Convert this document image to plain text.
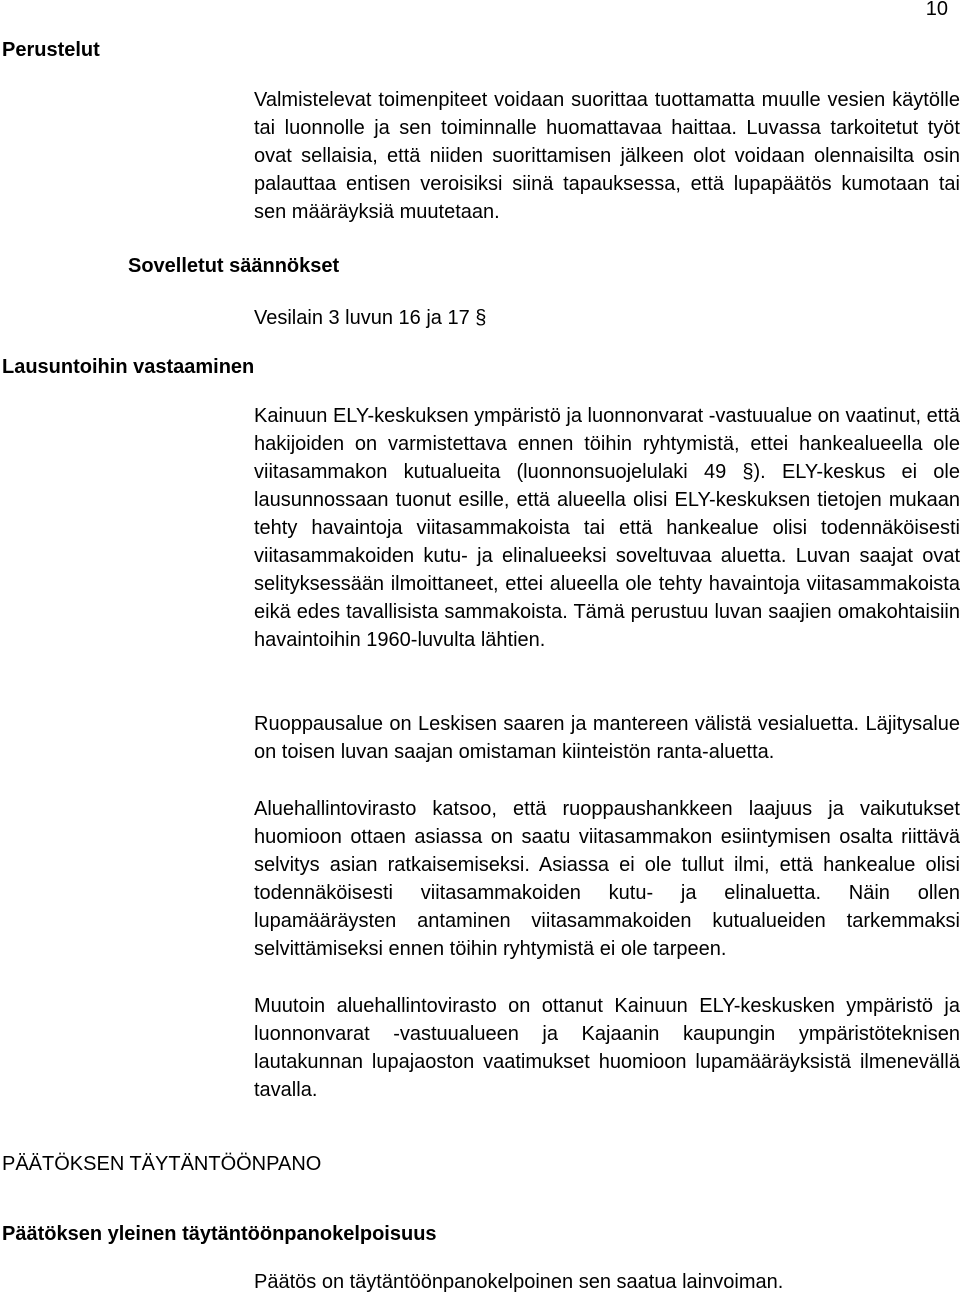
10
Perustelut
Valmistelevat toimenpiteet voidaan suorittaa tuottamatta muulle vesien käytölle tai luonnolle ja sen toiminnalle huomattavaa haittaa. Luvassa tarkoitetut työt ovat sellaisia, että niiden suorittamisen jälkeen olot voidaan olennaisilta osin palauttaa entisen veroisiksi siinä tapauksessa, että lupapäätös kumotaan tai sen määräyksiä muutetaan.
Sovelletut säännökset
Vesilain 3 luvun 16 ja 17 §
Lausuntoihin vastaaminen
Kainuun ELY-keskuksen ympäristö ja luonnonvarat -vastuualue on vaatinut, että hakijoiden on varmistettava ennen töihin ryhtymistä, ettei hankealueella ole viitasammakon kutualueita (luonnonsuojelulaki 49 §). ELY-keskus ei ole lausunnossaan tuonut esille, että alueella olisi ELY-keskuksen tietojen mukaan tehty havaintoja viitasammakoista tai että hankealue olisi todennäköisesti viitasammakoiden kutu- ja elinalueeksi soveltuvaa aluetta. Luvan saajat ovat selityksessään ilmoittaneet, ettei alueella ole tehty havaintoja viitasammakoista eikä edes tavallisista sammakoista. Tämä perustuu luvan saajien omakohtaisiin havaintoihin 1960-luvulta lähtien.
Ruoppausalue on Leskisen saaren ja mantereen välistä vesialuetta. Läjitysalue on toisen luvan saajan omistaman kiinteistön ranta-aluetta.
Aluehallintovirasto katsoo, että ruoppaushankkeen laajuus ja vaikutukset huomioon ottaen asiassa on saatu viitasammakon esiintymisen osalta riittävä selvitys asian ratkaisemiseksi. Asiassa ei ole tullut ilmi, että hankealue olisi todennäköisesti viitasammakoiden kutu- ja elinaluetta. Näin ollen lupamääräysten antaminen viitasammakoiden kutualueiden tarkemmaksi selvittämiseksi ennen töihin ryhtymistä ei ole tarpeen.
Muutoin aluehallintovirasto on ottanut Kainuun ELY-keskusken ympäristö ja luonnonvarat -vastuualueen ja Kajaanin kaupungin ympäristöteknisen lautakunnan lupajaoston vaatimukset huomioon lupamääräyksistä ilmenevällä tavalla.
PÄÄTÖKSEN TÄYTÄNTÖÖNPANO
Päätöksen yleinen täytäntöönpanokelpoisuus
Päätös on täytäntöönpanokelpoinen sen saatua lainvoiman.
